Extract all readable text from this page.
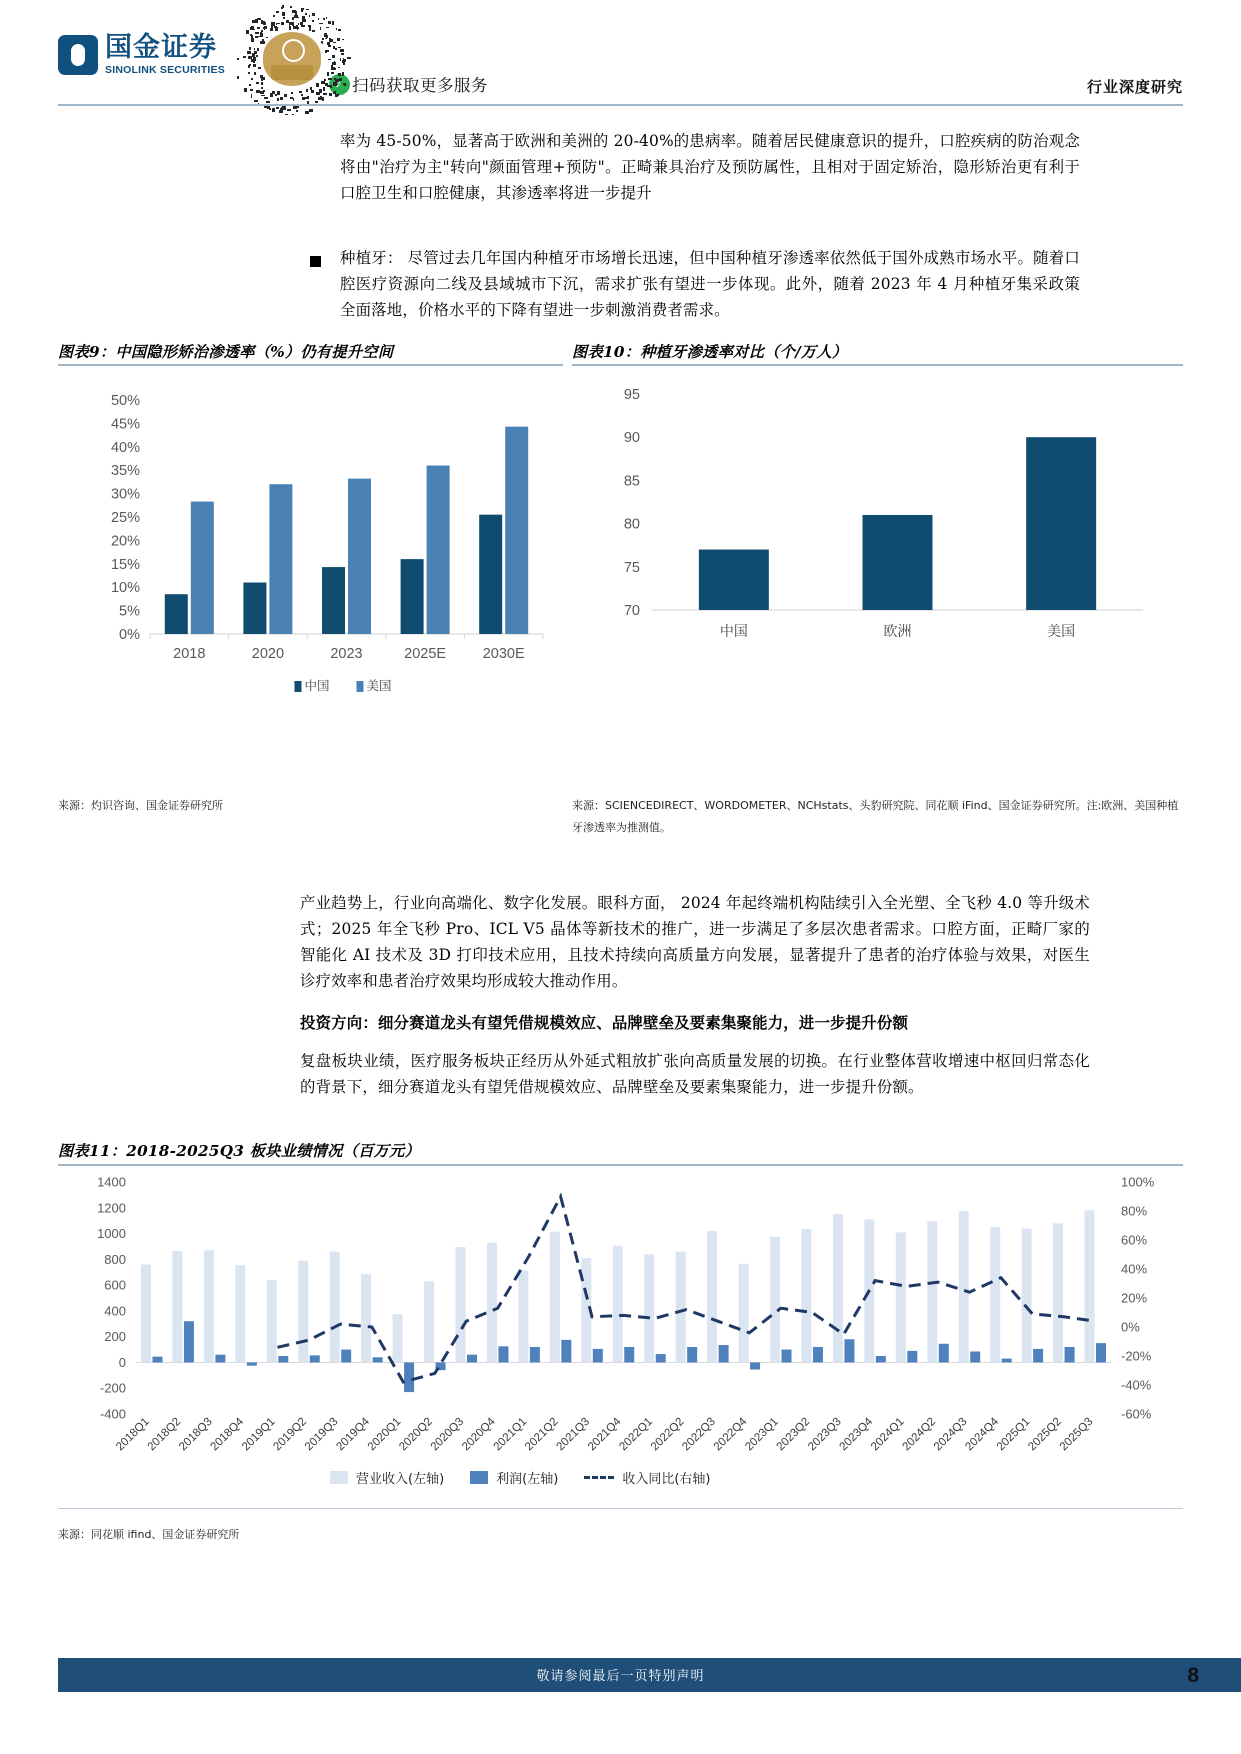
国金证券
SINOLINK SECURITIES
♪
扫码获取更多服务	行业深度研究
率为 45-50%，显著高于欧洲和美洲的 20-40%的患病率。随着居民健康意识的提升，口腔疾病的防治观念将由"治疗为主"转向"颜面管理+预防"。正畸兼具治疗及预防属性，且相对于固定矫治，隐形矫治更有利于口腔卫生和口腔健康，其渗透率将进一步提升
种植牙： 尽管过去几年国内种植牙市场增长迅速，但中国种植牙渗透率依然低于国外成熟市场水平。随着口腔医疗资源向二线及县域城市下沉，需求扩张有望进一步体现。此外，随着 2023 年 4 月种植牙集采政策全面落地，价格水平的下降有望进一步刺激消费者需求。
图表9：中国隐形矫治渗透率（%）仍有提升空间
0%
5%
10%
15%
20%
25%
30%
35%
40%
45%
50%
2018	2020	2023	2025E	2030E
中国	美国
来源：灼识咨询、国金证券研究所
图表10：种植牙渗透率对比（个/万人）
70
75
80
85
90
95
中国	欧洲	美国
来源：SCIENCEDIRECT、WORDOMETER、NCHstats、头豹研究院、同花顺 iFind、国金证券研究所。注:欧洲、美国种植牙渗透率为推测值。
产业趋势上，行业向高端化、数字化发展。眼科方面， 2024 年起终端机构陆续引入全光塑、全飞秒 4.0 等升级术式；2025 年全飞秒 Pro、ICL V5 晶体等新技术的推广，进一步满足了多层次患者需求。口腔方面，正畸厂家的智能化 AI 技术及 3D 打印技术应用，且技术持续向高质量方向发展，显著提升了患者的治疗体验与效果，对医生诊疗效率和患者治疗效果均形成较大推动作用。
投资方向：细分赛道龙头有望凭借规模效应、品牌壁垒及要素集聚能力，进一步提升份额
复盘板块业绩，医疗服务板块正经历从外延式粗放扩张向高质量发展的切换。在行业整体营收增速中枢回归常态化的背景下，细分赛道龙头有望凭借规模效应、品牌壁垒及要素集聚能力，进一步提升份额。
图表11：2018-2025Q3 板块业绩情况（百万元）
-400
-200
0
200
400
600
800
1000
1200
1400
-60%
-40%
-20%
0%
20%
40%
60%
80%
100%
2018Q1
2018Q2
2018Q3
2018Q4
2019Q1
2019Q2
2019Q3
2019Q4
2020Q1
2020Q2
2020Q3
2020Q4
2021Q1
2021Q2
2021Q3
2021Q4
2022Q1
2022Q2
2022Q3
2022Q4
2023Q1
2023Q2
2023Q3
2023Q4
2024Q1
2024Q2
2024Q3
2024Q4
2025Q1
2025Q2
2025Q3
营业收入(左轴)	利润(左轴)	收入同比(右轴)
来源：同花顺 ifind、国金证券研究所
敬请参阅最后一页特别声明	8
